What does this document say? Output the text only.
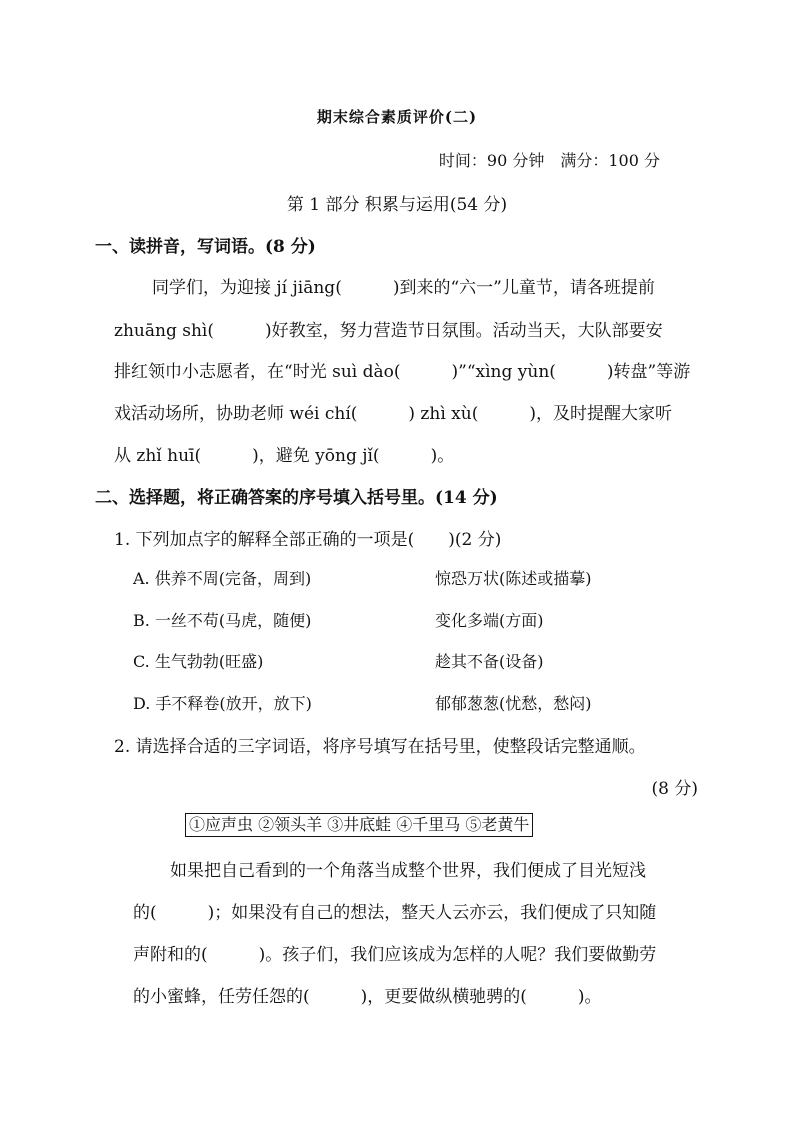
期末综合素质评价(二)
时间：90 分钟　满分：100 分
第 1 部分 积累与运用(54 分)
一、读拼音，写词语。(8 分)
同学们，为迎接 jí jiāng(　　　)到来的“六一”儿童节，请各班提前
zhuāng shì(　　　)好教室，努力营造节日氛围。活动当天，大队部要安
排红领巾小志愿者，在“时光 suì dào(　　　)”“xìng yùn(　　　)转盘”等游
戏活动场所，协助老师 wéi chí(　　　) zhì xù(　　　)，及时提醒大家听
从 zhǐ huī(　　　)，避免 yōng jǐ(　　　)。
二、选择题，将正确答案的序号填入括号里。(14 分)
1. 下列加点字的解释全部正确的一项是(　　)(2 分)
A. 供养不周(完备，周到)	惊恐万状(陈述或描摹)
B. 一丝不苟(马虎，随便)	变化多端(方面)
C. 生气勃勃(旺盛)	趁其不备(设备)
D. 手不释卷(放开，放下)	郁郁葱葱(忧愁，愁闷)
2. 请选择合适的三字词语，将序号填写在括号里，使整段话完整通顺。
(8 分)
①应声虫 ②领头羊 ③井底蛙 ④千里马 ⑤老黄牛
如果把自己看到的一个角落当成整个世界，我们便成了目光短浅
的(　　　)；如果没有自己的想法，整天人云亦云，我们便成了只知随
声附和的(　　　)。孩子们，我们应该成为怎样的人呢？我们要做勤劳
的小蜜蜂，任劳任怨的(　　　)，更要做纵横驰骋的(　　　)。
